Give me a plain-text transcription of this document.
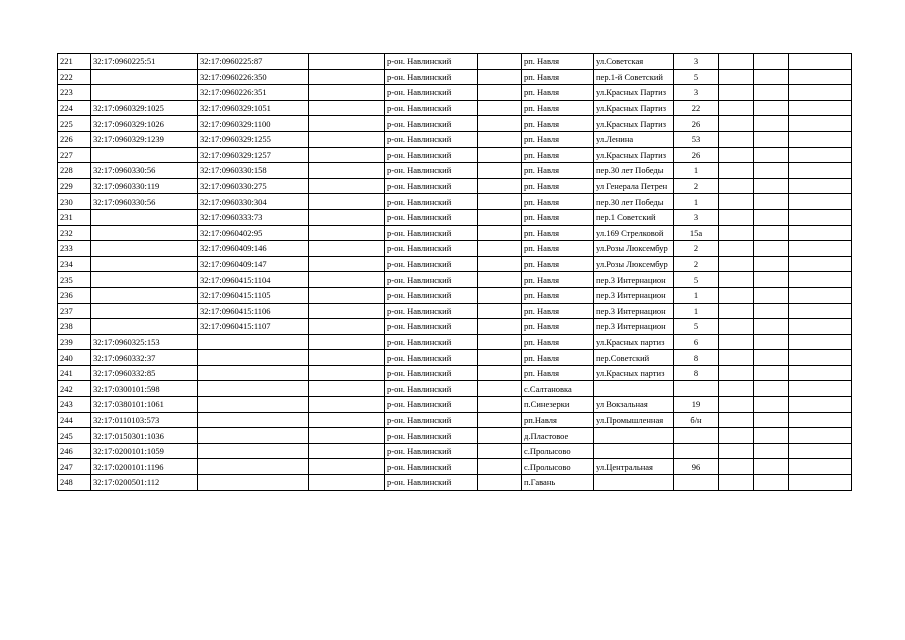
221	32:17:0960225:51	32:17:0960225:87		р-он. Навлинский		рп. Навля	ул.Советская	3			
222		32:17:0960226:350		р-он. Навлинский		рп. Навля	пер.1-й Советский	5			
223		32:17:0960226:351		р-он. Навлинский		рп. Навля	ул.Красных Партиз	3			
224	32:17:0960329:1025	32:17:0960329:1051		р-он. Навлинский		рп. Навля	ул.Красных Партиз	22			
225	32:17:0960329:1026	32:17:0960329:1100		р-он. Навлинский		рп. Навля	ул.Красных Партиз	26			
226	32:17:0960329:1239	32:17:0960329:1255		р-он. Навлинский		рп. Навля	ул.Ленина	53			
227		32:17:0960329:1257		р-он. Навлинский		рп. Навля	ул.Красных Партиз	26			
228	32:17:0960330:56	32:17:0960330:158		р-он. Навлинский		рп. Навля	пер.30 лет Победы	1			
229	32:17:0960330:119	32:17:0960330:275		р-он. Навлинский		рп. Навля	ул Генерала Петрен	2			
230	32:17:0960330:56	32:17:0960330:304		р-он. Навлинский		рп. Навля	пер.30 лет Победы	1			
231		32:17:0960333:73		р-он. Навлинский		рп. Навля	пер.1 Советский	3			
232		32:17:0960402:95		р-он. Навлинский		рп. Навля	ул.169 Стрелковой	15а			
233		32:17:0960409:146		р-он. Навлинский		рп. Навля	ул.Розы Люксембур	2			
234		32:17:0960409:147		р-он. Навлинский		рп. Навля	ул.Розы Люксембур	2			
235		32:17:0960415:1104		р-он. Навлинский		рп. Навля	пер.3 Интернацион	5			
236		32:17:0960415:1105		р-он. Навлинский		рп. Навля	пер.3 Интернацион	1			
237		32:17:0960415:1106		р-он. Навлинский		рп. Навля	пер.3 Интернацион	1			
238		32:17:0960415:1107		р-он. Навлинский		рп. Навля	пер.3 Интернацион	5			
239	32:17:0960325:153			р-он. Навлинский		рп. Навля	ул.Красных партиз	6			
240	32:17:0960332:37			р-он. Навлинский		рп. Навля	пер.Советский	8			
241	32:17:0960332:85			р-он. Навлинский		рп. Навля	ул.Красных партиз	8			
242	32:17:0300101:598			р-он. Навлинский		с.Салтановка					
243	32:17:0380101:1061			р-он. Навлинский		п.Синезерки	ул Вокзальная	19			
244	32:17:0110103:573			р-он. Навлинский		рп.Навля	ул.Промышленная	б/н			
245	32:17:0150301:1036			р-он. Навлинский		д.Пластовое					
246	32:17:0200101:1059			р-он. Навлинский		с.Пролысово					
247	32:17:0200101:1196			р-он. Навлинский		с.Пролысово	ул.Центральная	96			
248	32:17:0200501:112			р-он. Навлинский		п.Гавань					
